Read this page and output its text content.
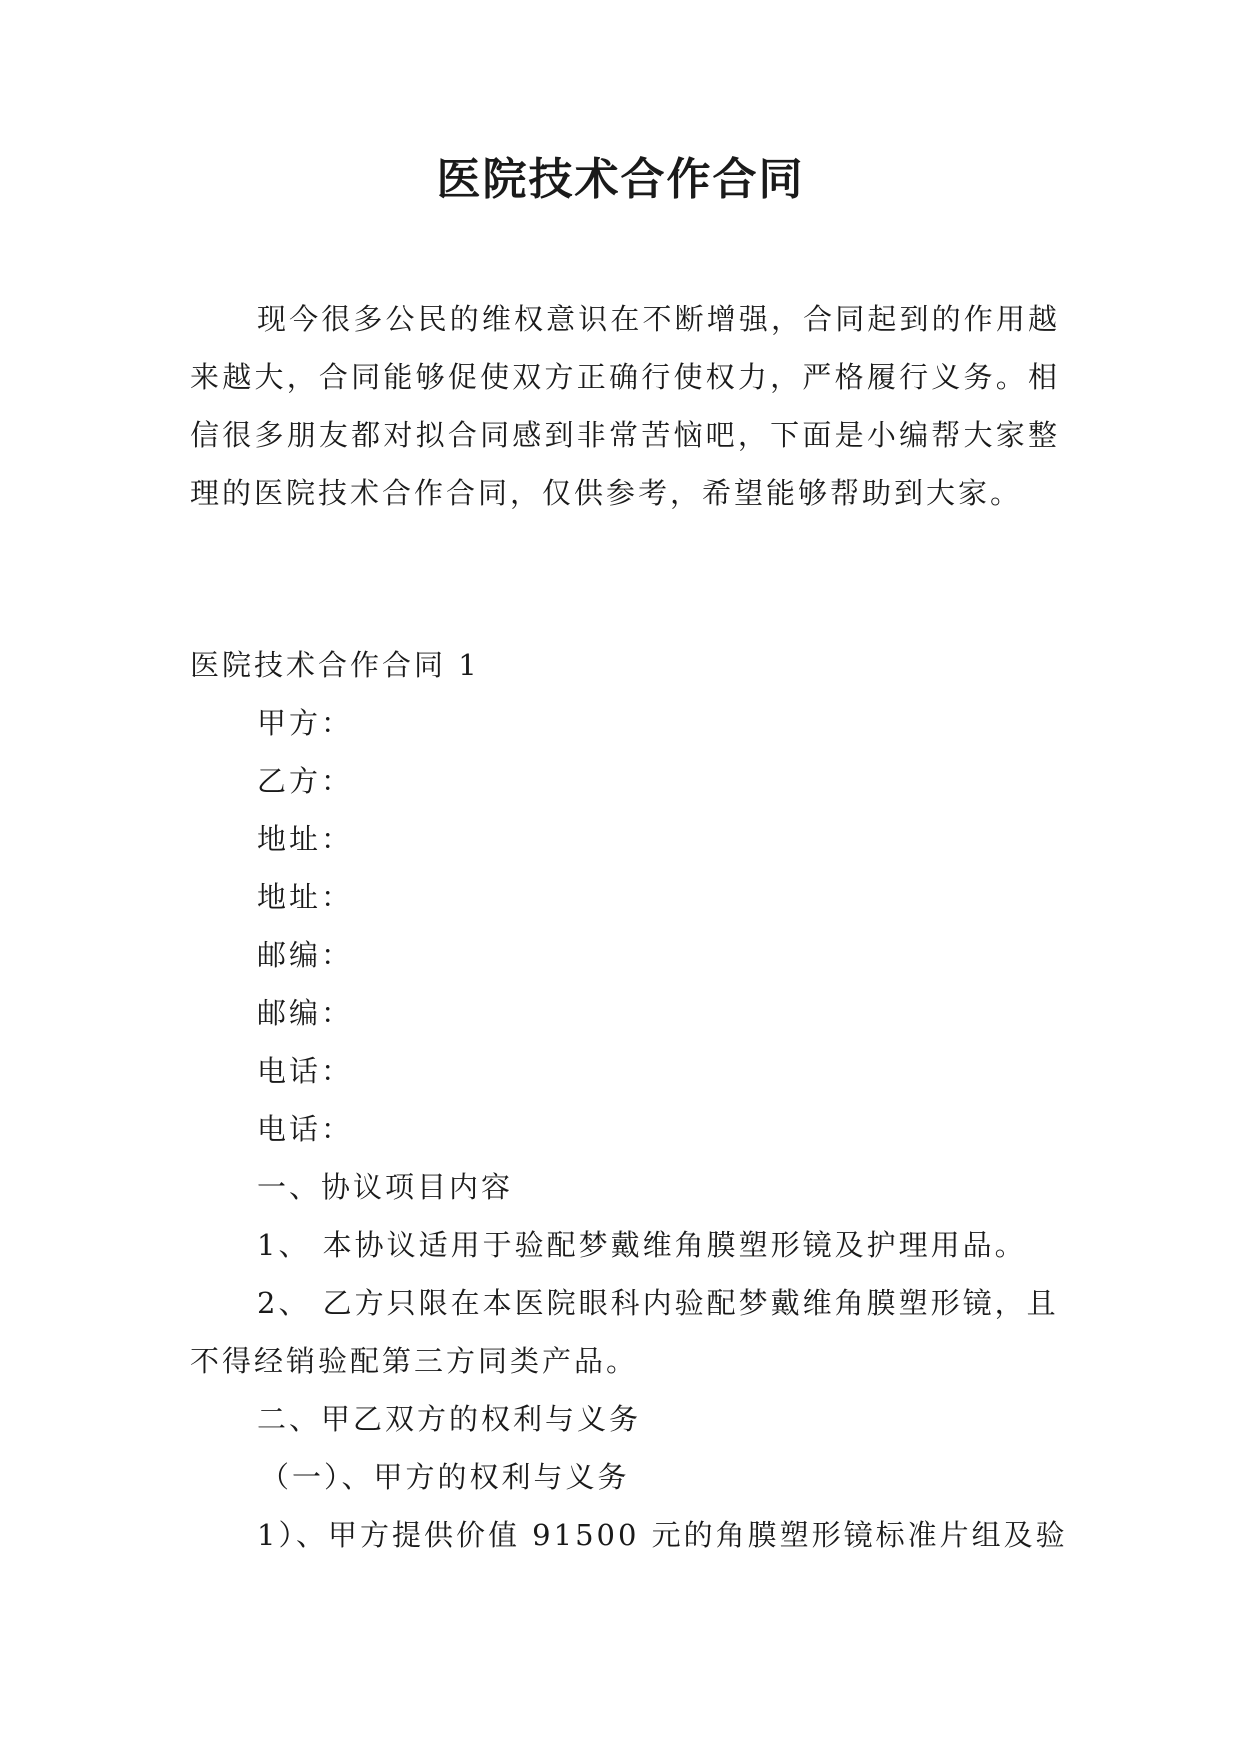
医院技术合作合同
现今很多公民的维权意识在不断增强，合同起到的作用越来越大，合同能够促使双方正确行使权力，严格履行义务。相信很多朋友都对拟合同感到非常苦恼吧，下面是小编帮大家整理的医院技术合作合同，仅供参考，希望能够帮助到大家。
医院技术合作合同 1
甲方：
乙方：
地址：
地址：
邮编：
邮编：
电话：
电话：
一、协议项目内容
1、 本协议适用于验配梦戴维角膜塑形镜及护理用品。
2、 乙方只限在本医院眼科内验配梦戴维角膜塑形镜，且不得经销验配第三方同类产品。
二、甲乙双方的权利与义务
（一）、甲方的权利与义务
1）、甲方提供价值 91500 元的角膜塑形镜标准片组及验
